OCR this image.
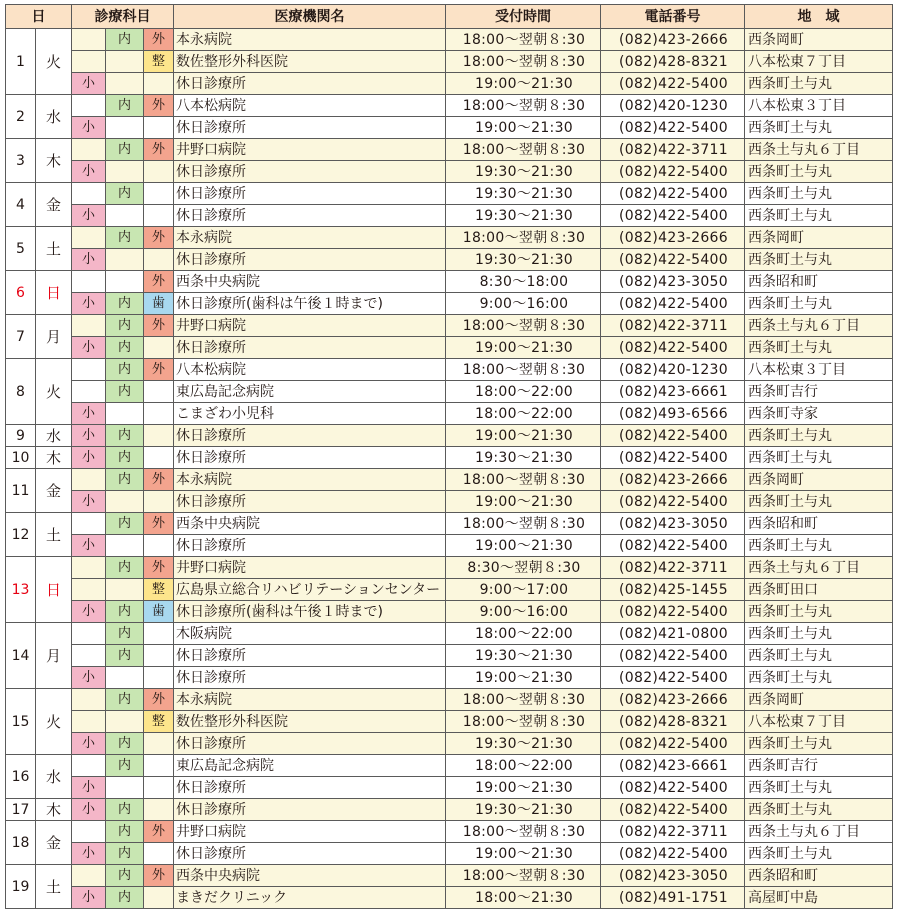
日		診療科目			医療機関名	受付時間	電話番号	地　域
1	火		内	外	本永病院	18:00～翌朝８:30	(082)423-2666	西条岡町
				整	数佐整形外科医院	18:00～翌朝８:30	(082)428-8321	八本松東７丁目
		小			休日診療所	19:00～21:30	(082)422-5400	西条町土与丸
2	水		内	外	八本松病院	18:00～翌朝８:30	(082)420-1230	八本松東３丁目
		小			休日診療所	19:00～21:30	(082)422-5400	西条町土与丸
3	木		内	外	井野口病院	18:00～翌朝８:30	(082)422-3711	西条土与丸６丁目
		小			休日診療所	19:30～21:30	(082)422-5400	西条町土与丸
4	金		内		休日診療所	19:30～21:30	(082)422-5400	西条町土与丸
		小			休日診療所	19:30～21:30	(082)422-5400	西条町土与丸
5	土		内	外	本永病院	18:00～翌朝８:30	(082)423-2666	西条岡町
		小			休日診療所	19:30～21:30	(082)422-5400	西条町土与丸
6	日			外	西条中央病院	8:30～18:00	(082)423-3050	西条昭和町
		小	内	歯	休日診療所(歯科は午後１時まで)	9:00～16:00	(082)422-5400	西条町土与丸
7	月		内	外	井野口病院	18:00～翌朝８:30	(082)422-3711	西条土与丸６丁目
		小	内		休日診療所	19:00～21:30	(082)422-5400	西条町土与丸
8	火		内	外	八本松病院	18:00～翌朝８:30	(082)420-1230	八本松東３丁目
			内		東広島記念病院	18:00～22:00	(082)423-6661	西条町吉行
		小			こまざわ小児科	18:00～22:00	(082)493-6566	西条町寺家
9	水	小	内		休日診療所	19:00～21:30	(082)422-5400	西条町土与丸
10	木	小	内		休日診療所	19:30～21:30	(082)422-5400	西条町土与丸
11	金		内	外	本永病院	18:00～翌朝８:30	(082)423-2666	西条岡町
		小			休日診療所	19:00～21:30	(082)422-5400	西条町土与丸
12	土		内	外	西条中央病院	18:00～翌朝８:30	(082)423-3050	西条昭和町
		小			休日診療所	19:00～21:30	(082)422-5400	西条町土与丸
13	日		内	外	井野口病院	8:30～翌朝８:30	(082)422-3711	西条土与丸６丁目
				整	広島県立総合リハビリテーションセンター	9:00～17:00	(082)425-1455	西条町田口
		小	内	歯	休日診療所(歯科は午後１時まで)	9:00～16:00	(082)422-5400	西条町土与丸
14	月		内		木阪病院	18:00～22:00	(082)421-0800	西条町土与丸
			内		休日診療所	19:30～21:30	(082)422-5400	西条町土与丸
		小			休日診療所	19:00～21:30	(082)422-5400	西条町土与丸
15	火		内	外	本永病院	18:00～翌朝８:30	(082)423-2666	西条岡町
				整	数佐整形外科医院	18:00～翌朝８:30	(082)428-8321	八本松東７丁目
		小	内		休日診療所	19:30～21:30	(082)422-5400	西条町土与丸
16	水		内		東広島記念病院	18:00～22:00	(082)423-6661	西条町吉行
		小			休日診療所	19:00～21:30	(082)422-5400	西条町土与丸
17	木	小	内		休日診療所	19:30～21:30	(082)422-5400	西条町土与丸
18	金		内	外	井野口病院	18:00～翌朝８:30	(082)422-3711	西条土与丸６丁目
		小	内		休日診療所	19:00～21:30	(082)422-5400	西条町土与丸
19	土		内	外	西条中央病院	18:00～翌朝８:30	(082)423-3050	西条昭和町
		小	内		まきだクリニック	18:00～21:30	(082)491-1751	高屋町中島
